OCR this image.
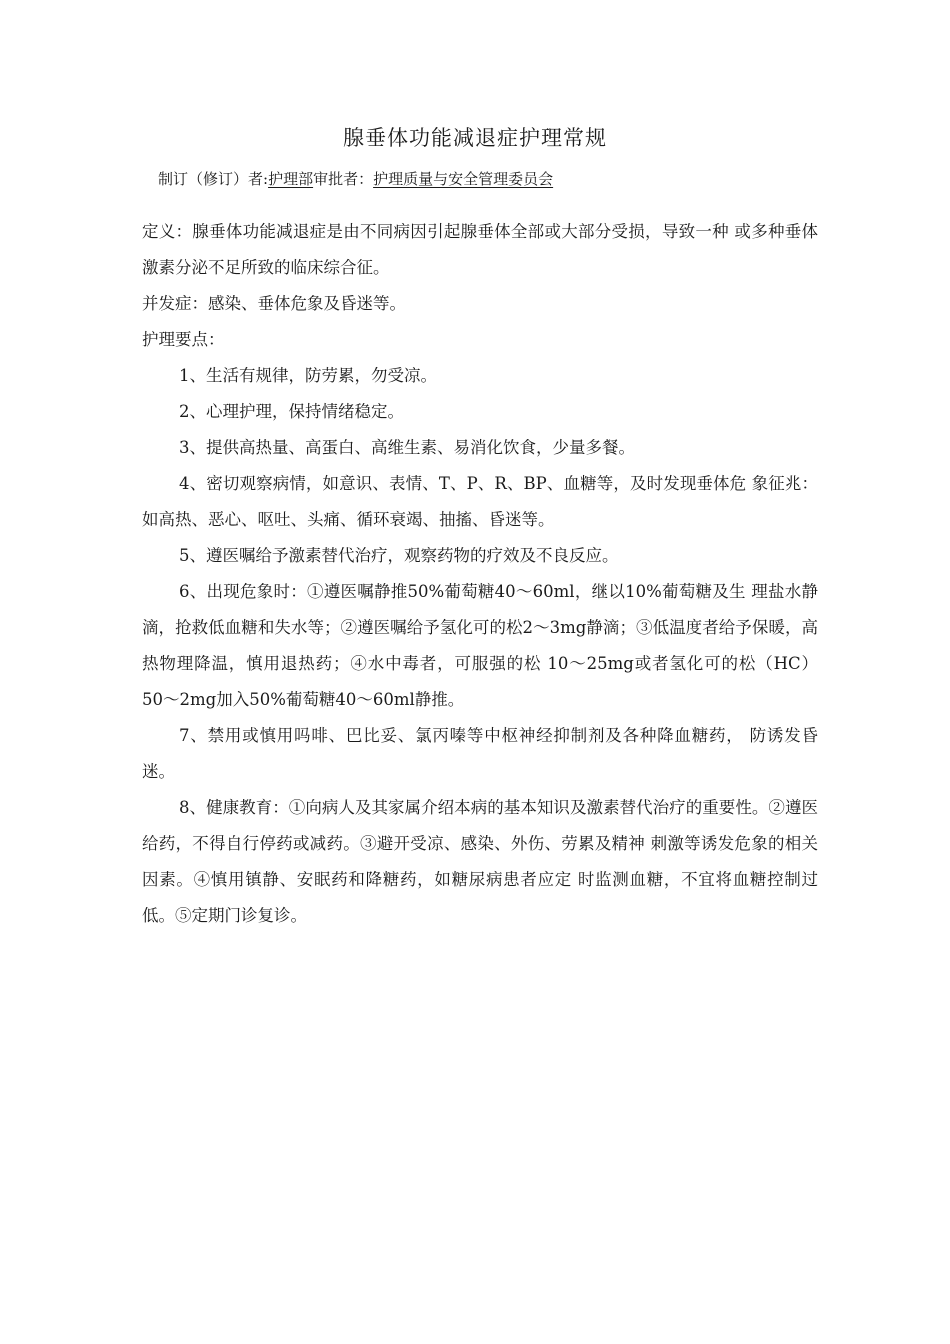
腺垂体功能减退症护理常规
制订（修订）者:护理部审批者：护理质量与安全管理委员会

定义：腺垂体功能减退症是由不同病因引起腺垂体全部或大部分受损，导致一种 或多种垂体激素分泌不足所致的临床综合征。

并发症：感染、垂体危象及昏迷等。

护理要点：

1、生活有规律，防劳累，勿受凉。

2、心理护理，保持情绪稳定。

3、提供高热量、高蛋白、高维生素、易消化饮食，少量多餐。

4、密切观察病情，如意识、表情、T、P、R、BP、血糖等，及时发现垂体危 象征兆：如高热、恶心、呕吐、头痛、循环衰竭、抽搐、昏迷等。

5、遵医嘱给予激素替代治疗，观察药物的疗效及不良反应。

6、出现危象时：①遵医嘱静推50%葡萄糖40〜60ml，继以10%葡萄糖及生 理盐水静滴，抢救低血糖和失水等；②遵医嘱给予氢化可的松2〜3mg静滴；③低温度者给予保暖，高热物理降温，慎用退热药；④水中毒者，可服强的松 10〜25mg或者氢化可的松（HC）50〜2mg加入50%葡萄糖40〜60ml静推。

7、禁用或慎用吗啡、巴比妥、氯丙嗪等中枢神经抑制剂及各种降血糖药， 防诱发昏迷。

8、健康教育：①向病人及其家属介绍本病的基本知识及激素替代治疗的重要性。②遵医给药，不得自行停药或减药。③避开受凉、感染、外伤、劳累及精神 刺激等诱发危象的相关因素。④慎用镇静、安眠药和降糖药，如糖尿病患者应定 时监测血糖，不宜将血糖控制过低。⑤定期门诊复诊。
